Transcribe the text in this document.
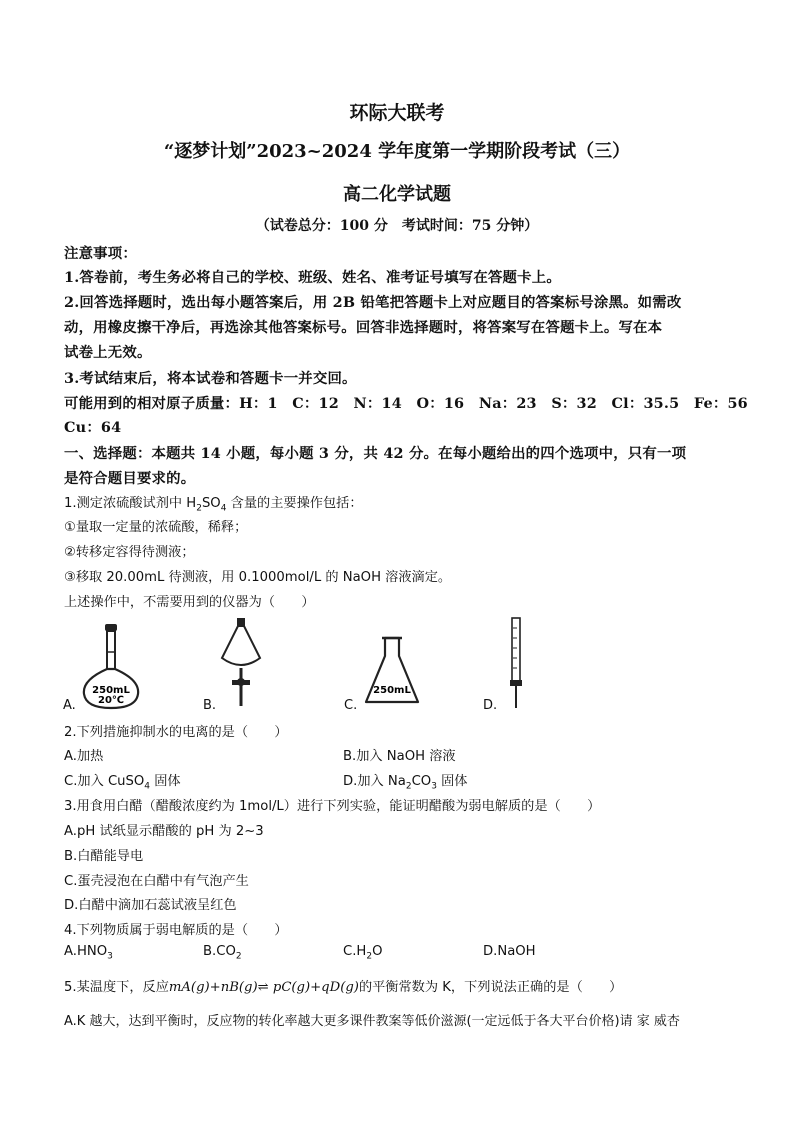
环际大联考
“逐梦计划”2023~2024 学年度第一学期阶段考试（三）
高二化学试题
（试卷总分：100 分　考试时间：75 分钟）
注意事项：
1.答卷前，考生务必将自己的学校、班级、姓名、准考证号填写在答题卡上。
2.回答选择题时，选出每小题答案后，用 2B 铅笔把答题卡上对应题目的答案标号涂黑。如需改
动，用橡皮擦干净后，再选涂其他答案标号。回答非选择题时，将答案写在答题卡上。写在本
试卷上无效。
3.考试结束后，将本试卷和答题卡一并交回。
可能用到的相对原子质量：H：1　C：12　N：14　O：16　Na：23　S：32　Cl：35.5　Fe：56
Cu：64
一、选择题：本题共 14 小题，每小题 3 分，共 42 分。在每小题给出的四个选项中，只有一项
是符合题目要求的。
1.测定浓硫酸试剂中 $H_2SO_4$ 含量的主要操作包括：
①量取一定量的浓硫酸，稀释；
②转移定容得待测液；
③移取 20.00mL 待测液，用 0.1000mol/L 的 NaOH 溶液滴定。
上述操作中，不需要用到的仪器为（　　）
A.
250mL
20℃	B.	C.
250mL
D.
2.下列措施抑制水的电离的是（　　）
A.加热	B.加入 NaOH 溶液
C.加入 CuSO$_4$ 固体	D.加入 $Na_2CO_3$ 固体
3.用食用白醋（醋酸浓度约为 1mol/L）进行下列实验，能证明醋酸为弱电解质的是（　　）
A.pH 试纸显示醋酸的 pH 为 2~3
B.白醋能导电
C.蛋壳浸泡在白醋中有气泡产生
D.白醋中滴加石蕊试液呈红色
4.下列物质属于弱电解质的是（　　）
$A.HNO_3$	$B.CO_2$	$C.H_2O$	D.NaOH
5.某温度下，反应mA(g)+nB(g)⇌ pC(g)+qD(g)的平衡常数为 K，下列说法正确的是（　　）
A.K 越大，达到平衡时，反应物的转化率越大更多课件教案等低价滋源(一定远低于各大平台价格)请 家 威杏
